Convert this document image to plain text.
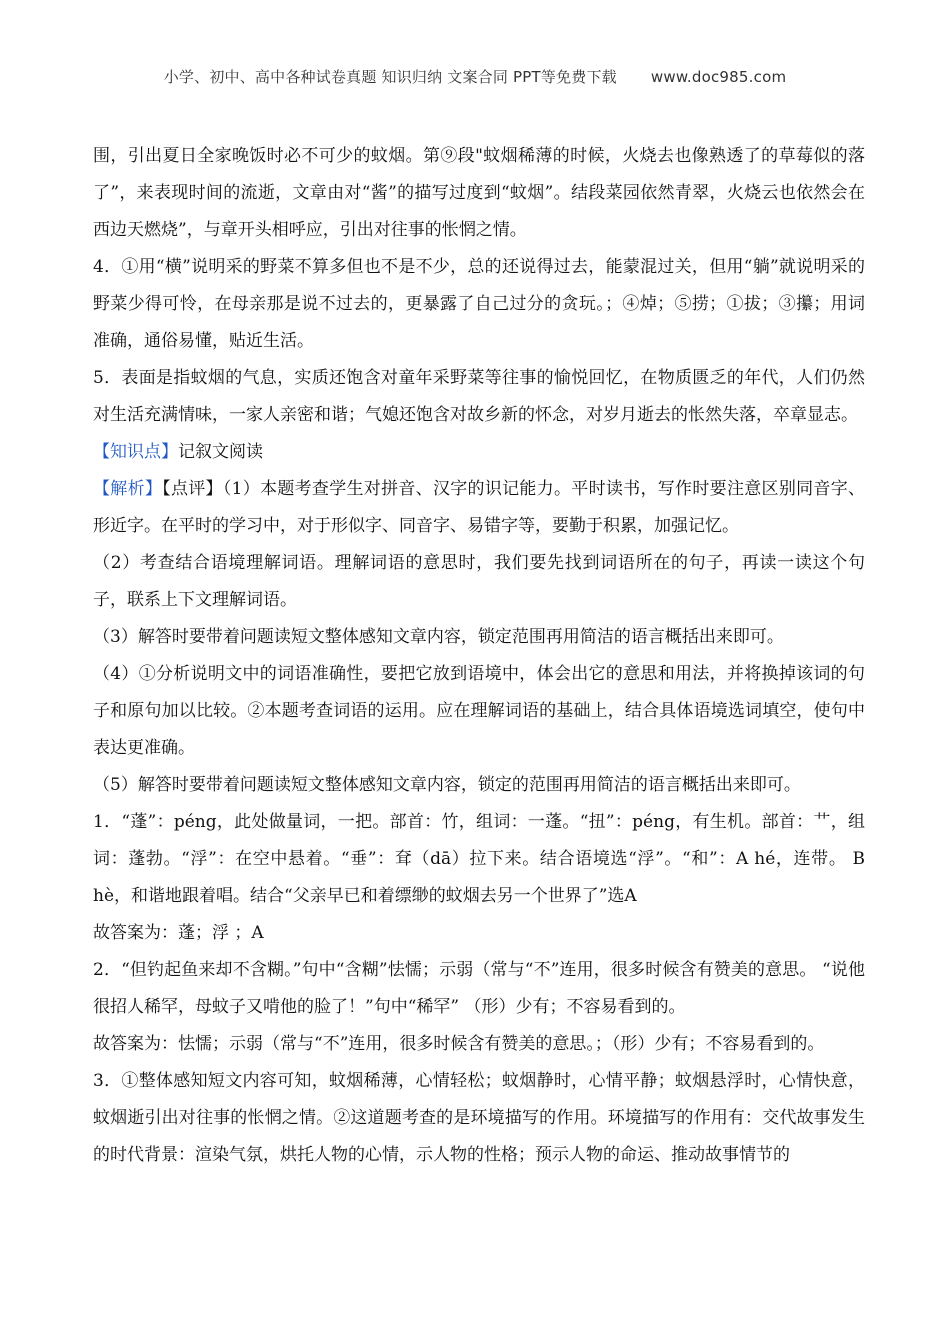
小学、初中、高中各种试卷真题 知识归纳 文案合同 PPT等免费下载 www.doc985.com

围，引出夏日全家晚饭时必不可少的蚊烟。第⑨段"蚊烟稀薄的时候，火烧去也像熟透了的草莓似的落了”，来表现时间的流逝，文章由对“酱”的描写过度到“蚊烟”。结段菜园依然青翠，火烧云也依然会在西边天燃烧”，与章开头相呼应，引出对往事的怅惘之情。

4．①用“横”说明采的野菜不算多但也不是不少，总的还说得过去，能蒙混过关，但用“躺”就说明采的野菜少得可怜，在母亲那是说不过去的，更暴露了自己过分的贪玩。；④焯；⑤捞；①拔；③攥；用词准确，通俗易懂，贴近生活。

5．表面是指蚊烟的气息，实质还饱含对童年采野菜等往事的愉悦回忆，在物质匮乏的年代，人们仍然对生活充满情味，一家人亲密和谐；气媳还饱含对故乡新的怀念，对岁月逝去的怅然失落，卒章显志。

【知识点】记叙文阅读

【解析】【点评】（1）本题考查学生对拼音、汉字的识记能力。平时读书，写作时要注意区别同音字、形近字。在平时的学习中，对于形似字、同音字、易错字等，要勤于积累，加强记忆。

（2）考查结合语境理解词语。理解词语的意思时，我们要先找到词语所在的句子，再读一读这个句子，联系上下文理解词语。

（3）解答时要带着问题读短文整体感知文章内容，锁定范围再用简洁的语言概括出来即可。

（4）①分析说明文中的词语准确性，要把它放到语境中，体会出它的意思和用法，并将换掉该词的句子和原句加以比较。②本题考查词语的运用。应在理解词语的基础上，结合具体语境选词填空，使句中表达更准确。

（5）解答时要带着问题读短文整体感知文章内容，锁定的范围再用简洁的语言概括出来即可。

1．“蓬”：péng，此处做量词，一把。部首：竹，组词：一蓬。“扭”：péng，有生机。部首：艹，组词：蓬勃。“浮”：在空中悬着。“垂”：耷（dā）拉下来。结合语境选“浮”。“和”：A hé，连带。 B hè，和谐地跟着唱。结合“父亲早已和着缥缈的蚊烟去另一个世界了”选A

故答案为：蓬；浮 ；A

2．“但钓起鱼来却不含糊。”句中“含糊”怯懦；示弱（常与“不”连用，很多时候含有赞美的意思。 “说他很招人稀罕，母蚊子又啃他的脸了！”句中“稀罕” （形）少有；不容易看到的。

故答案为：怯懦；示弱（常与“不”连用，很多时候含有赞美的意思。；（形）少有；不容易看到的。

3．①整体感知短文内容可知，蚊烟稀薄，心情轻松；蚊烟静时，心情平静；蚊烟悬浮时，心情快意，蚊烟逝引出对往事的怅惘之情。②这道题考查的是环境描写的作用。环境描写的作用有：交代故事发生的时代背景：渲染气氛，烘托人物的心情，示人物的性格；预示人物的命运、推动故事情节的
